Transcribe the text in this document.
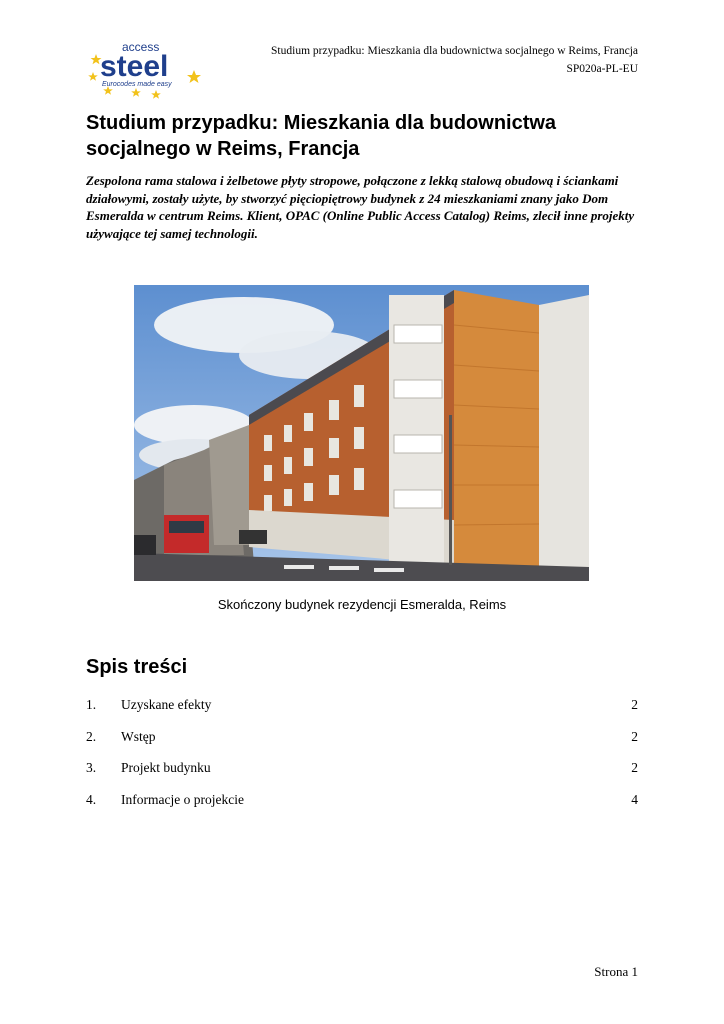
access
steel
Eurocodes made easy
Studium przypadku: Mieszkania dla budownictwa socjalnego w Reims, Francja
SP020a-PL-EU
Studium przypadku: Mieszkania dla budownictwa
socjalnego w Reims, Francja

Zespolona rama stalowa i żelbetowe płyty stropowe, połączone z lekką stalową obudową i ściankami działowymi, zostały użyte, by stworzyć pięciopiętrowy budynek z 24 mieszkaniami znany jako Dom Esmeralda w centrum Reims. Klient, OPAC (Online Public Access Catalog) Reims, zlecił inne projekty używające tej samej technologii.

Skończony budynek rezydencji Esmeralda, Reims
Spis treści
1.	Uzyskane efekty	2
2.	Wstęp	2
3.	Projekt budynku	2
4.	Informacje o projekcie	4
Strona 1
